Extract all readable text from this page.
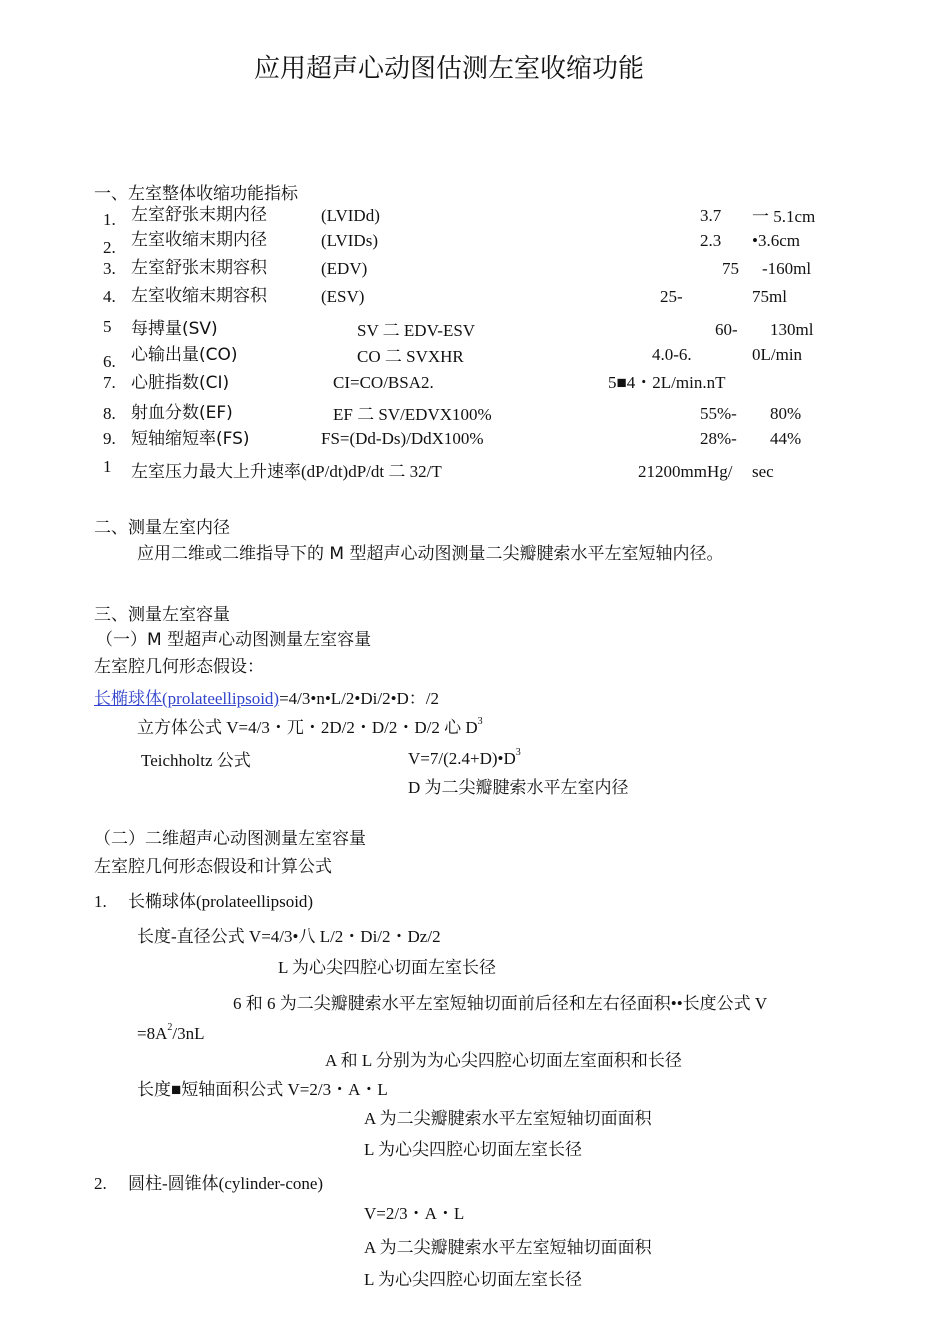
应用超声心动图估测左室收缩功能
一、左室整体收缩功能指标
1. 左室舒张末期内径	(LVIDd)	3.7 一 5.1cm
2. 左室收缩末期内径	(LVIDs)	2.3 •3.6cm
3. 左室舒张末期容积	(EDV)	75 -160ml
4. 左室收缩末期容积	(ESV)	25-	75ml
5 每搏量(SV)	SV 二 EDV-ESV	60- 130ml
6. 心输出量(CO)	CO 二 SVXHR	4.0-6.	0L/min
7. 心脏指数(CI)	CI=CO/BSA2.	5■4・2L/min.nT
8. 射血分数(EF)	EF 二 SV/EDVX100%	55%- 80%
9. 短轴缩短率(FS)	FS=(Dd-Ds)/DdX100%	28%- 44%
1 左室压力最大上升速率(dP/dt)dP/dt 二 32/T	21200mmHg/ sec
二、测量左室内径
应用二维或二维指导下的 M 型超声心动图测量二尖瓣腱索水平左室短轴内径。
三、测量左室容量
（一）M 型超声心动图测量左室容量
左室腔几何形态假设：
长椭球体(prolateellipsoid)=4/3•n•L/2•Di/2•D：/2
立方体公式 V=4/3・兀・2D/2・D/2・D/2 心 $D^3$
Teichholtz 公式	$V=7/(2.4+D)•D^3$
D 为二尖瓣腱索水平左室内径
（二）二维超声心动图测量左室容量
左室腔几何形态假设和计算公式
1. 长椭球体(prolateellipsoid)
长度-直径公式 V=4/3•八 L/2・Di/2・Dz/2
L 为心尖四腔心切面左室长径
6 和 6 为二尖瓣腱索水平左室短轴切面前后径和左右径面积••长度公式 V
$=8A^2/3nL$
A 和 L 分别为为心尖四腔心切面左室面积和长径
长度■短轴面积公式 V=2/3・A・L
A 为二尖瓣腱索水平左室短轴切面面积
L 为心尖四腔心切面左室长径
2. 圆柱-圆锥体(cylinder-cone)
V=2/3・A・L
A 为二尖瓣腱索水平左室短轴切面面积
L 为心尖四腔心切面左室长径
